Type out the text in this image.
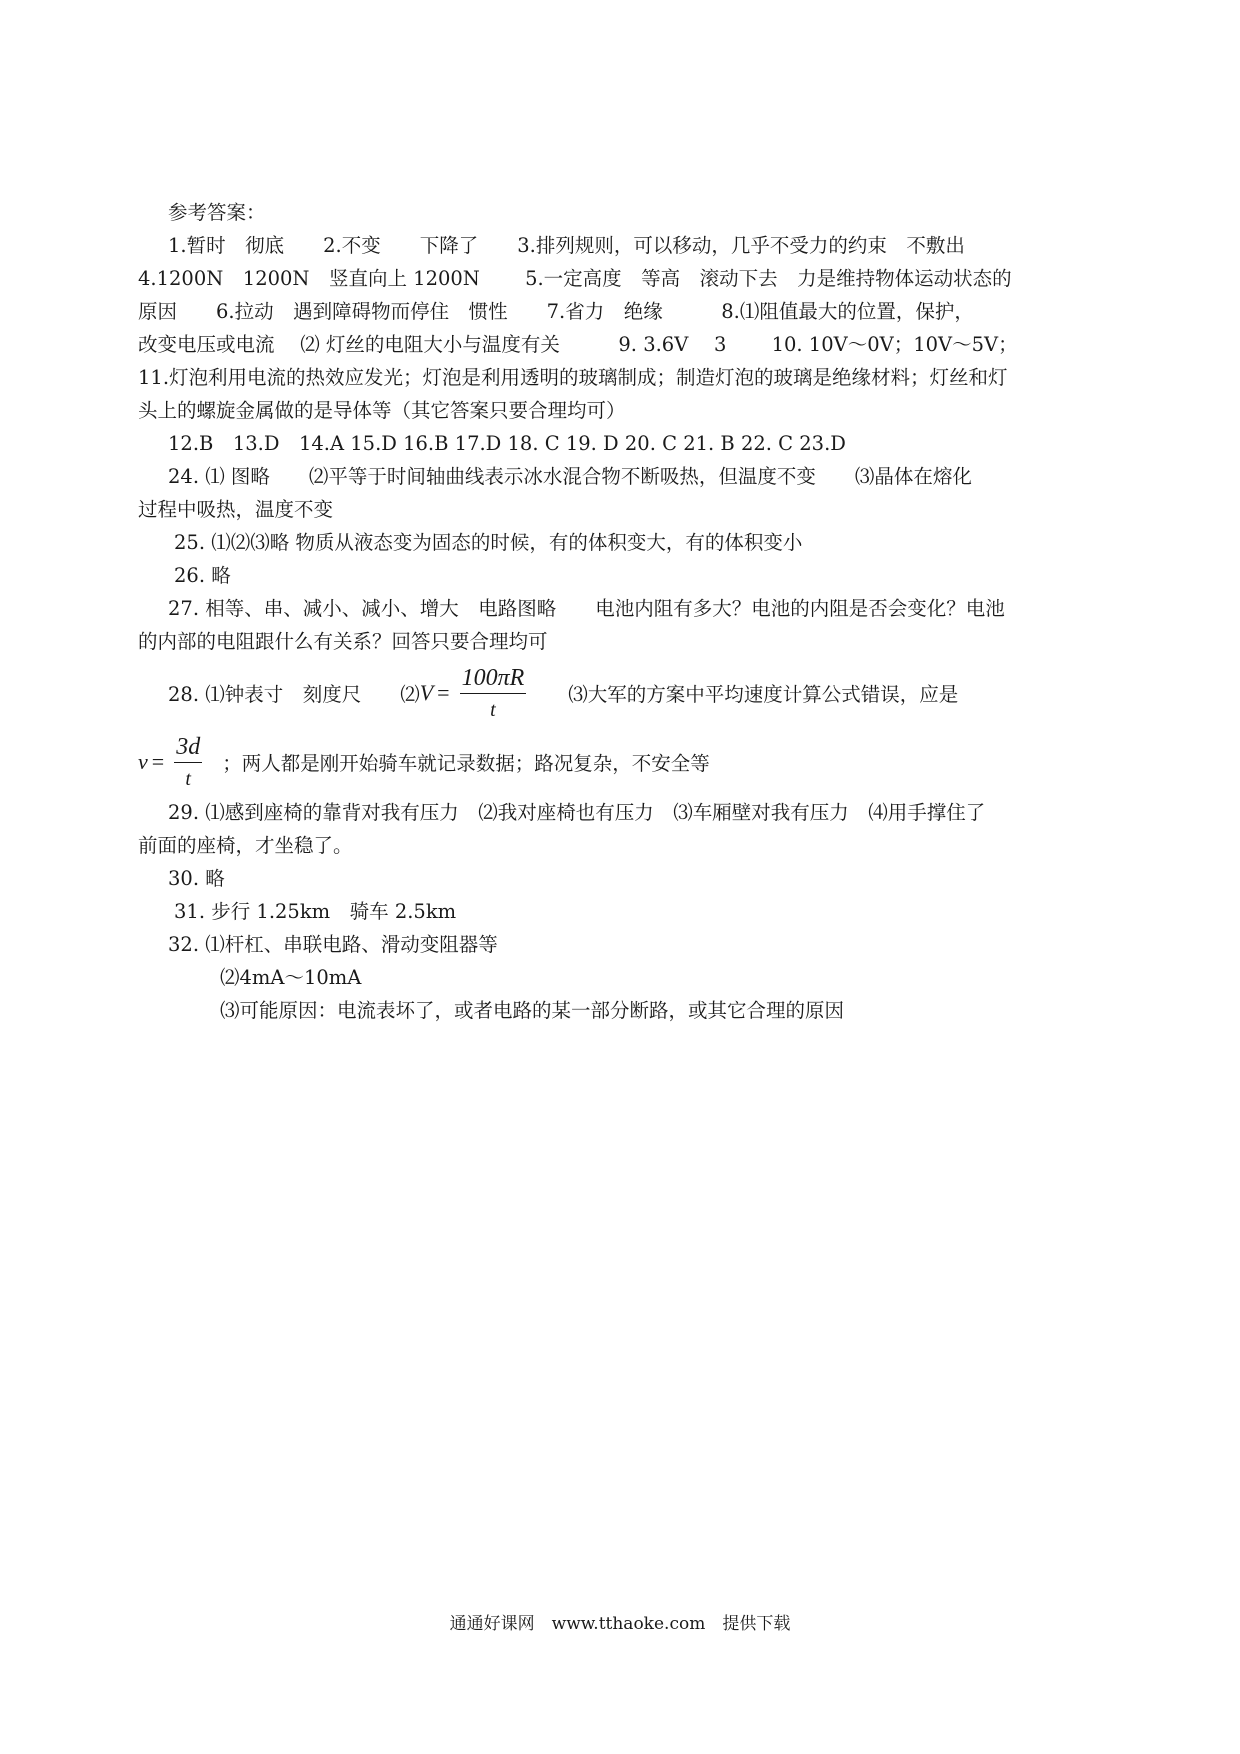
参考答案：
1.暂时　彻底　　2.不变　　下降了　　3.排列规则，可以移动，几乎不受力的约束　不敷出
4.1200N　1200N　竖直向上 1200N　　 5.一定高度　等高　滚动下去　力是维持物体运动状态的
原因　　6.拉动　遇到障碍物而停住　惯性　　7.省力　绝缘　　　8.⑴阻值最大的位置，保护，
改变电压或电流　 ⑵ 灯丝的电阻大小与温度有关　　　9. 3.6V　 3　　 10. 10V～0V；10V～5V；
11.灯泡利用电流的热效应发光；灯泡是利用透明的玻璃制成；制造灯泡的玻璃是绝缘材料；灯丝和灯
头上的螺旋金属做的是导体等（其它答案只要合理均可）
12.B　13.D　14.A 15.D 16.B 17.D 18. C 19. D 20. C 21. B 22. C 23.D
24. ⑴ 图略　　⑵平等于时间轴曲线表示冰水混合物不断吸热，但温度不变　　⑶晶体在熔化
过程中吸热，温度不变
25. ⑴⑵⑶略 物质从液态变为固态的时候，有的体积变大，有的体积变小
26. 略
27. 相等、串、减小、减小、增大　电路图略　　电池内阻有多大？电池的内阻是否会变化？电池
的内部的电阻跟什么有关系？回答只要合理均可
28. ⑴钟表寸　刻度尺　　⑵ $V = \frac{100\pi R}{t}$ ⑶大军的方案中平均速度计算公式错误，应是
$v = \frac{3d}{t}$ ；两人都是刚开始骑车就记录数据；路况复杂，不安全等
29. ⑴感到座椅的靠背对我有压力　⑵我对座椅也有压力　⑶车厢壁对我有压力　⑷用手撑住了
前面的座椅，才坐稳了。
30. 略
31. 步行 1.25km　骑车 2.5km
32. ⑴杆杠、串联电路、滑动变阻器等
⑵4mA～10mA
⑶可能原因：电流表坏了，或者电路的某一部分断路，或其它合理的原因
通通好课网　www.tthaoke.com　提供下载
